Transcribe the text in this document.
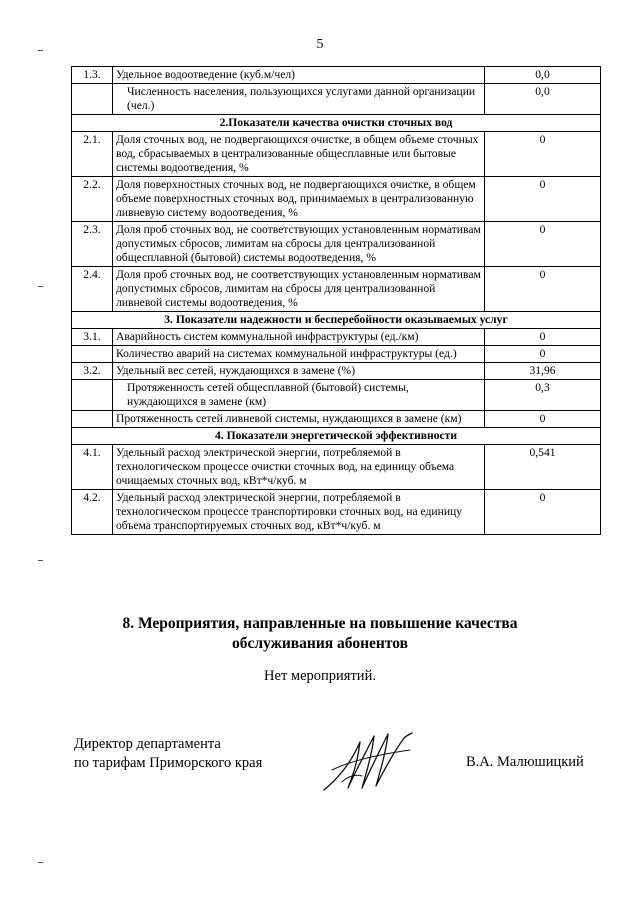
5
1.3.	Удельное водоотведение (куб.м/чел)	0,0
	Численность населения, пользующихся услугами данной организации (чел.)	0,0
2.Показатели качества очистки сточных вод		
2.1.	Доля сточных вод, не подвергающихся очистке, в общем объеме сточных вод, сбрасываемых в централизованные общесплавные или бытовые системы водоотведения, %	0
2.2.	Доля поверхностных сточных вод, не подвергающихся очистке, в общем объеме поверхностных сточных вод, принимаемых в централизованную ливневую систему водоотведения, %	0
2.3.	Доля проб сточных вод, не соответствующих установленным нормативам допустимых сбросов, лимитам на сбросы для централизованной общесплавной (бытовой) системы водоотведения, %	0
2.4.	Доля проб сточных вод, не соответствующих установленным нормативам допустимых сбросов, лимитам на сбросы для централизованной ливневой системы водоотведения, %	0
3. Показатели надежности и бесперебойности оказываемых услуг		
3.1.	Аварийность систем коммунальной инфраструктуры (ед./км)	0
	Количество аварий на системах коммунальной инфраструктуры (ед.)	0
3.2.	Удельный вес сетей, нуждающихся в замене (%)	31,96
	Протяженность сетей общесплавной (бытовой) системы, нуждающихся в замене (км)	0,3
	Протяженность сетей ливневой системы, нуждающихся в замене (км)	0
4. Показатели энергетической эффективности		
4.1.	Удельный расход электрической энергии, потребляемой в технологическом процессе очистки сточных вод, на единицу объема очищаемых сточных вод, кВт*ч/куб. м	0,541
4.2.	Удельный расход электрической энергии, потребляемой в технологическом процессе транспортировки сточных вод, на единицу объема транспортируемых сточных вод, кВт*ч/куб. м	0
8. Мероприятия, направленные на повышение качества
обслуживания абонентов
Нет мероприятий.
Директор департамента
по тарифам Приморского края	В.А. Малюшицкий
